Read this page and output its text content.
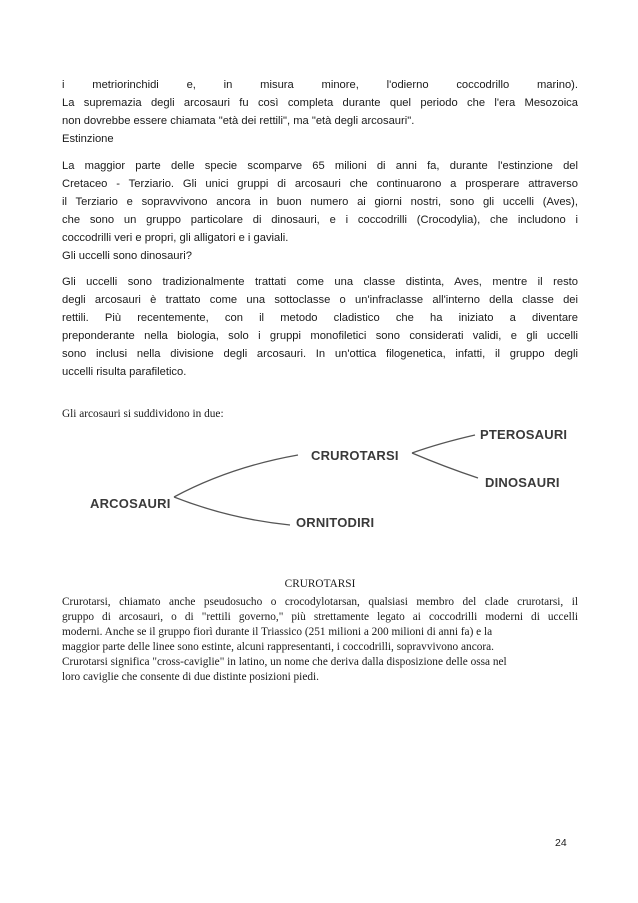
i metriorinchidi e, in misura minore, l'odierno coccodrillo marino).
La supremazia degli arcosauri fu così completa durante quel periodo che l'era Mesozoica
non dovrebbe essere chiamata "età dei rettili", ma "età degli arcosauri".
Estinzione
La maggior parte delle specie scomparve 65 milioni di anni fa, durante l'estinzione del
Cretaceo - Terziario. Gli unici gruppi di arcosauri che continuarono a prosperare attraverso
il Terziario e sopravvivono ancora in buon numero ai giorni nostri, sono gli uccelli (Aves),
che sono un gruppo particolare di dinosauri, e i coccodrilli (Crocodylia), che includono i
coccodrilli veri e propri, gli alligatori e i gaviali.
Gli uccelli sono dinosauri?
Gli uccelli sono tradizionalmente trattati come una classe distinta, Aves, mentre il resto
degli arcosauri è trattato come una sottoclasse o un'infraclasse all'interno della classe dei
rettili. Più recentemente, con il metodo cladistico che ha iniziato a diventare
preponderante nella biologia, solo i gruppi monofiletici sono considerati validi, e gli uccelli
sono inclusi nella divisione degli arcosauri. In un'ottica filogenetica, infatti, il gruppo degli
uccelli risulta parafiletico.
Gli arcosauri si suddividono in due:
ARCOSAURI
CRUROTARSI
ORNITODIRI
PTEROSAURI
DINOSAURI
CRUROTARSI
Crurotarsi, chiamato anche pseudosucho o crocodylotarsan, qualsiasi membro del clade crurotarsi, il
gruppo di arcosauri, o di "rettili governo," più strettamente legato ai coccodrilli moderni di uccelli
moderni. Anche se il gruppo fiorì durante il Triassico (251 milioni a 200 milioni di anni fa) e la
maggior parte delle linee sono estinte, alcuni rappresentanti, i coccodrilli, sopravvivono ancora.
Crurotarsi significa "cross-caviglie" in latino, un nome che deriva dalla disposizione delle ossa nel
loro caviglie che consente di due distinte posizioni piedi.
24
